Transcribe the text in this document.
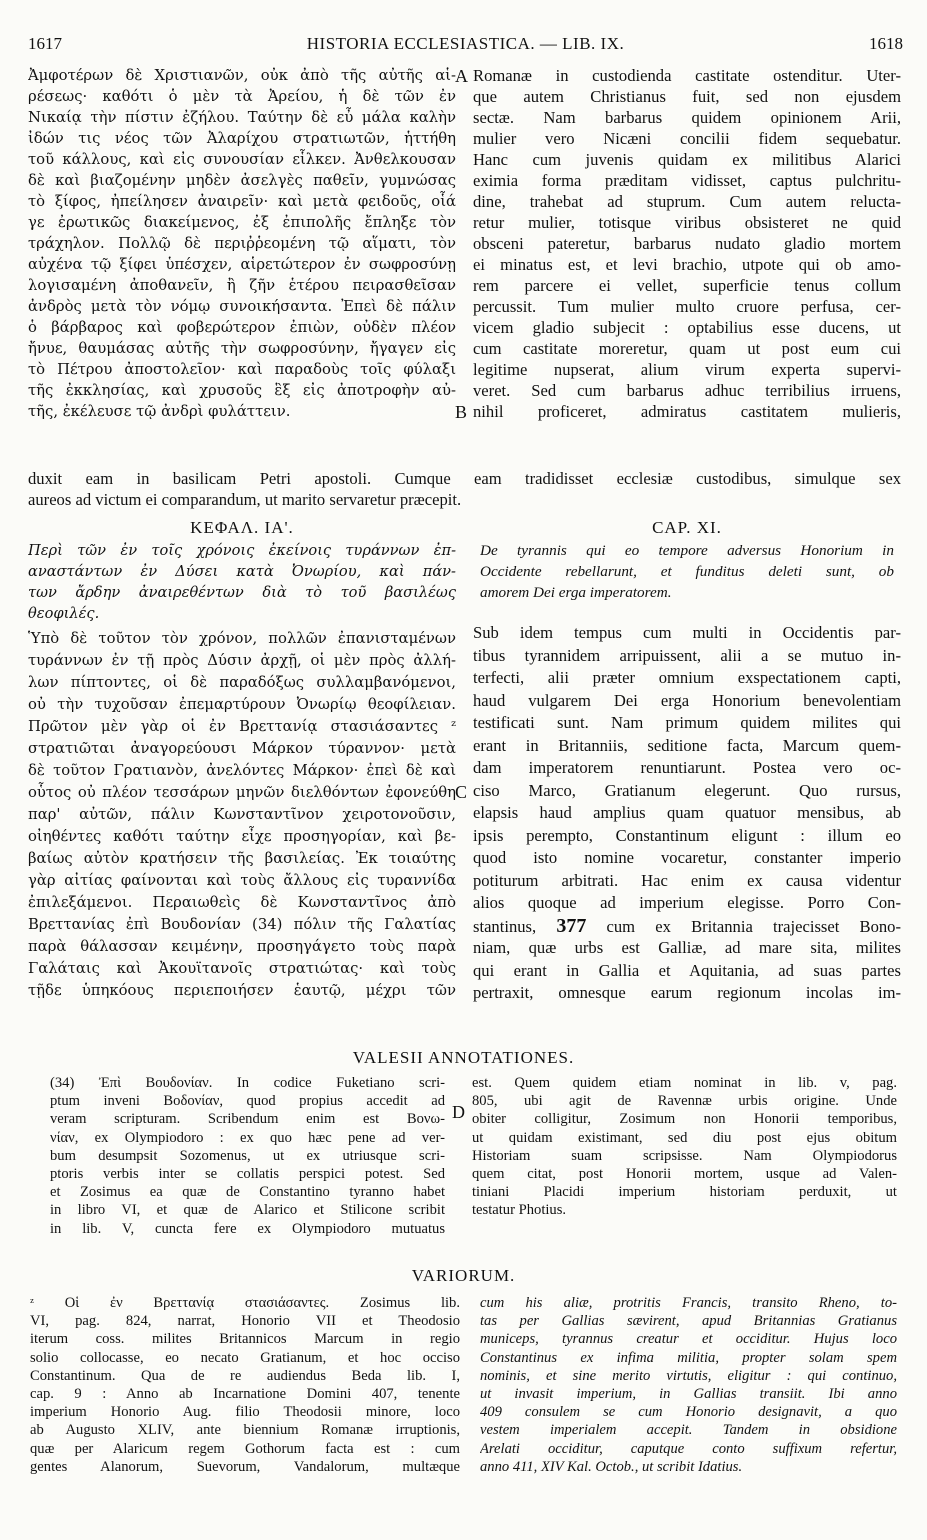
1617	HISTORIA ECCLESIASTICA. — LIB. IX.	1618
Ἀμφοτέρων δὲ Χριστιανῶν, οὐκ ἀπὸ τῆς αὐτῆς αἱ-
ρέσεως· καθότι ὁ μὲν τὰ Ἀρείου, ἡ δὲ τῶν ἐν
Νικαίᾳ τὴν πίστιν ἐζήλου. Ταύτην δὲ εὖ μάλα καλὴν
ἰδών τις νέος τῶν Ἀλαρίχου στρατιωτῶν, ἡττήθη
τοῦ κάλλους, καὶ εἰς συνουσίαν εἷλκεν. Ἀνθελκουσαν
δὲ καὶ βιαζομένην μηδὲν ἀσελγὲς παθεῖν, γυμνώσας
τὸ ξίφος, ἠπείλησεν ἀναιρεῖν· καὶ μετὰ φειδοῦς, οἷά
γε ἐρωτικῶς διακείμενος, ἐξ ἐπιπολῆς ἔπληξε τὸν
τράχηλον. Πολλῷ δὲ περιῤῥεομένη τῷ αἵματι, τὸν
αὐχένα τῷ ξίφει ὑπέσχεν, αἱρετώτερον ἐν σωφροσύνῃ
λογισαμένη ἀποθανεῖν, ἢ ζῆν ἑτέρου πειρασθεῖσαν
ἀνδρὸς μετὰ τὸν νόμῳ συνοικήσαντα. Ἐπεὶ δὲ πάλιν
ὁ βάρβαρος καὶ φοβερώτερον ἐπιὼν, οὐδὲν πλέον
ἤνυε, θαυμάσας αὐτῆς τὴν σωφροσύνην, ἤγαγεν εἰς
τὸ Πέτρου ἀποστολεῖον· καὶ παραδοὺς τοῖς φύλαξι
τῆς ἐκκλησίας, καὶ χρυσοῦς ἓξ εἰς ἀποτροφὴν αὐ-
τῆς, ἐκέλευσε τῷ ἀνδρὶ φυλάττειν.
Romanæ in custodienda castitate ostenditur. Uter-
que autem Christianus fuit, sed non ejusdem
sectæ. Nam barbarus quidem opinionem Arii,
mulier vero Nicæni concilii fidem sequebatur.
Hanc cum juvenis quidam ex militibus Alarici
eximia forma præditam vidisset, captus pulchritu-
dine, trahebat ad stuprum. Cum autem relucta-
retur mulier, totisque viribus obsisteret ne quid
obsceni pateretur, barbarus nudato gladio mortem
ei minatus est, et levi brachio, utpote qui ob amo-
rem parcere ei vellet, superficie tenus collum
percussit. Tum mulier multo cruore perfusa, cer-
vicem gladio subjecit : optabilius esse ducens, ut
cum castitate moreretur, quam ut post eum cui
legitime nupserat, alium virum experta supervi-
veret. Sed cum barbarus adhuc terribilius irruens,
nihil proficeret, admiratus castitatem mulieris,
A
B
duxit eam in basilicam Petri apostoli. Cumque eam tradidisset ecclesiæ custodibus, simulque sex
aureos ad victum ei comparandum, ut marito servaretur præcepit.
ΚΕΦΑΛ. ΙΑ'.	CAP. XI.
Περὶ τῶν ἐν τοῖς χρόνοις ἐκείνοις τυράννων ἐπ-
αναστάντων ἐν Δύσει κατὰ Ὀνωρίου, καὶ πάν-
των ἄρδην ἀναιρεθέντων διὰ τὸ τοῦ βασιλέως
θεοφιλές.
De tyrannis qui eo tempore adversus Honorium in
Occidente rebellarunt, et funditus deleti sunt, ob
amorem Dei erga imperatorem.
Ὑπὸ δὲ τοῦτον τὸν χρόνον, πολλῶν ἐπανισταμένων
τυράννων ἐν τῇ πρὸς Δύσιν ἀρχῇ, οἱ μὲν πρὸς ἀλλή-
λων πίπτοντες, οἱ δὲ παραδόξως συλλαμβανόμενοι,
οὐ τὴν τυχοῦσαν ἐπεμαρτύρουν Ὀνωρίῳ θεοφίλειαν.
Πρῶτον μὲν γὰρ οἱ ἐν Βρεττανίᾳ στασιάσαντες ᶻ
στρατιῶται ἀναγορεύουσι Μάρκον τύραννον· μετὰ
δὲ τοῦτον Γρατιανὸν, ἀνελόντες Μάρκον· ἐπεὶ δὲ καὶ
οὗτος οὐ πλέον τεσσάρων μηνῶν διελθόντων ἐφονεύθη
παρ' αὐτῶν, πάλιν Κωνσταντῖνον χειροτονοῦσιν,
οἰηθέντες καθότι ταύτην εἶχε προσηγορίαν, καὶ βε-
βαίως αὐτὸν κρατήσειν τῆς βασιλείας. Ἐκ τοιαύτης
γὰρ αἰτίας φαίνονται καὶ τοὺς ἄλλους εἰς τυραννίδα
ἐπιλεξάμενοι. Περαιωθεὶς δὲ Κωνσταντῖνος ἀπὸ
Βρεττανίας ἐπὶ Βουδονίαν (34) πόλιν τῆς Γαλατίας
παρὰ θάλασσαν κειμένην, προσηγάγετο τοὺς παρὰ
Γαλάταις καὶ Ἀκουϊτανοῖς στρατιώτας· καὶ τοὺς
τῇδε ὑπηκόους περιεποιήσεν ἑαυτῷ, μέχρι τῶν
Sub idem tempus cum multi in Occidentis par-
tibus tyrannidem arripuissent, alii a se mutuo in-
terfecti, alii præter omnium exspectationem capti,
haud vulgarem Dei erga Honorium benevolentiam
testificati sunt. Nam primum quidem milites qui
erant in Britanniis, seditione facta, Marcum quem-
dam imperatorem renuntiarunt. Postea vero oc-
ciso Marco, Gratianum elegerunt. Quo rursus,
elapsis haud amplius quam quatuor mensibus, ab
ipsis perempto, Constantinum eligunt : illum eo
quod isto nomine vocaretur, constanter imperio
potiturum arbitrati. Hac enim ex causa videntur
alios quoque ad imperium elegisse. Porro Con-
stantinus, 377 cum ex Britannia trajecisset Bono-
niam, quæ urbs est Galliæ, ad mare sita, milites
qui erant in Gallia et Aquitania, ad suas partes
pertraxit, omnesque earum regionum incolas im-
C
VALESII ANNOTATIONES.
(34) Ἐπὶ Βουδονίαν. In codice Fuketiano scri-
ptum inveni Βοδονίαν, quod propius accedit ad
veram scripturam. Scribendum enim est Βονω-
νίαν, ex Olympiodoro : ex quo hæc pene ad ver-
bum desumpsit Sozomenus, ut ex utriusque scri-
ptoris verbis inter se collatis perspici potest. Sed
et Zosimus ea quæ de Constantino tyranno habet
in libro VI, et quæ de Alarico et Stilicone scribit
in lib. V, cuncta fere ex Olympiodoro mutuatus
est. Quem quidem etiam nominat in lib. v, pag.
805, ubi agit de Ravennæ urbis origine. Unde
obiter colligitur, Zosimum non Honorii temporibus,
ut quidam existimant, sed diu post ejus obitum
Historiam suam scripsisse. Nam Olympiodorus
quem citat, post Honorii mortem, usque ad Valen-
tiniani Placidi imperium historiam perduxit, ut
testatur Photius.
D
VARIORUM.
ᶻ Οἱ ἐν Βρεττανίᾳ στασιάσαντες. Zosimus lib.
VI, pag. 824, narrat, Honorio VII et Theodosio
iterum coss. milites Britannicos Marcum in regio
solio collocasse, eo necato Gratianum, et hoc occiso
Constantinum. Qua de re audiendus Beda lib. I,
cap. 9 : Anno ab Incarnatione Domini 407, tenente
imperium Honorio Aug. filio Theodosii minore, loco
ab Augusto XLIV, ante biennium Romanæ irruptionis,
quæ per Alaricum regem Gothorum facta est : cum
gentes Alanorum, Suevorum, Vandalorum, multæque
cum his aliæ, protritis Francis, transito Rheno, to-
tas per Gallias sævirent, apud Britannias Gratianus
municeps, tyrannus creatur et occiditur. Hujus loco
Constantinus ex infima militia, propter solam spem
nominis, et sine merito virtutis, eligitur : qui continuo,
ut invasit imperium, in Gallias transiit. Ibi anno
409 consulem se cum Honorio designavit, a quo
vestem imperialem accepit. Tandem in obsidione
Arelati occiditur, caputque conto suffixum refertur,
anno 411, XIV Kal. Octob., ut scribit Idatius.
